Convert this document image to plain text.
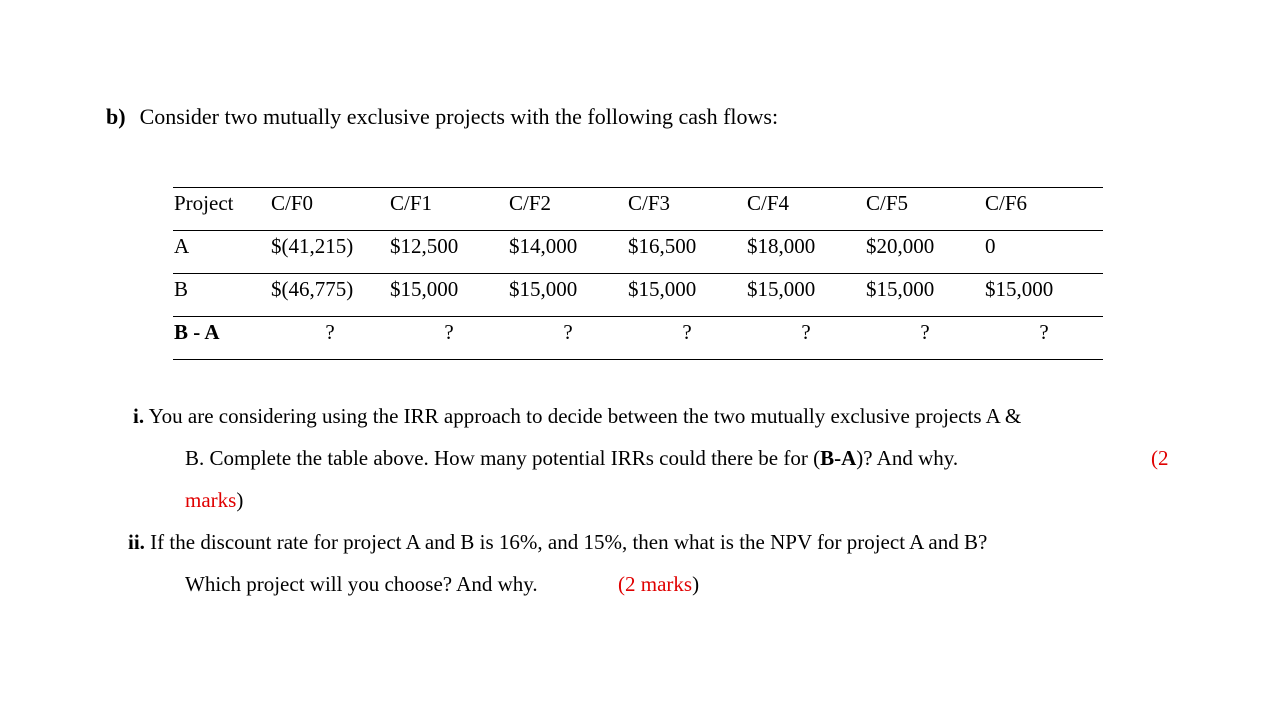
b) Consider two mutually exclusive projects with the following cash flows:
Project C/F0	C/F1	C/F2	C/F3	C/F4	C/F5	C/F6
A	$(41,215) $12,500 $14,000 $16,500 $18,000 $20,000 0
B	$(46,775) $15,000 $15,000 $15,000 $15,000 $15,000 $15,000
B - A	?	?	?	?	?	?	?
i. You are considering using the IRR approach to decide between the two mutually exclusive projects A &
B. Complete the table above. How many potential IRRs could there be for (B-A)? And why.	(2
marks)
ii. If the discount rate for project A and B is 16%, and 15%, then what is the NPV for project A and B?
Which project will you choose? And why.	(2 marks)
